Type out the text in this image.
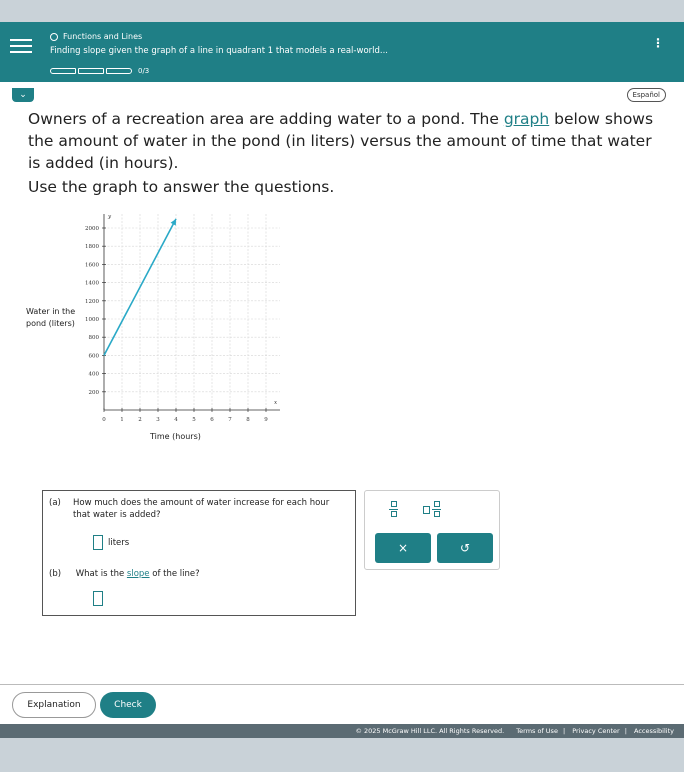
Functions and Lines
Finding slope given the graph of a line in quadrant 1 that models a real-world...
0/3
⋮
⌄	Español
Owners of a recreation area are adding water to a pond. The graph below shows the amount of water in the pond (in liters) versus the amount of time that water is added (in hours).
Use the graph to answer the questions.
Water in the
pond (liters)
0	1	2	3	4	5	6	7	8	9
200
400
600
800
1000
1200
1400
1600
1800
2000
x
y
Time (hours)
(a) How much does the amount of water increase for each hour that water is added?
liters
(b) What is the slope of the line?
×	↺
Explanation	Check
© 2025 McGraw Hill LLC. All Rights Reserved. Terms of Use | Privacy Center | Accessibility
